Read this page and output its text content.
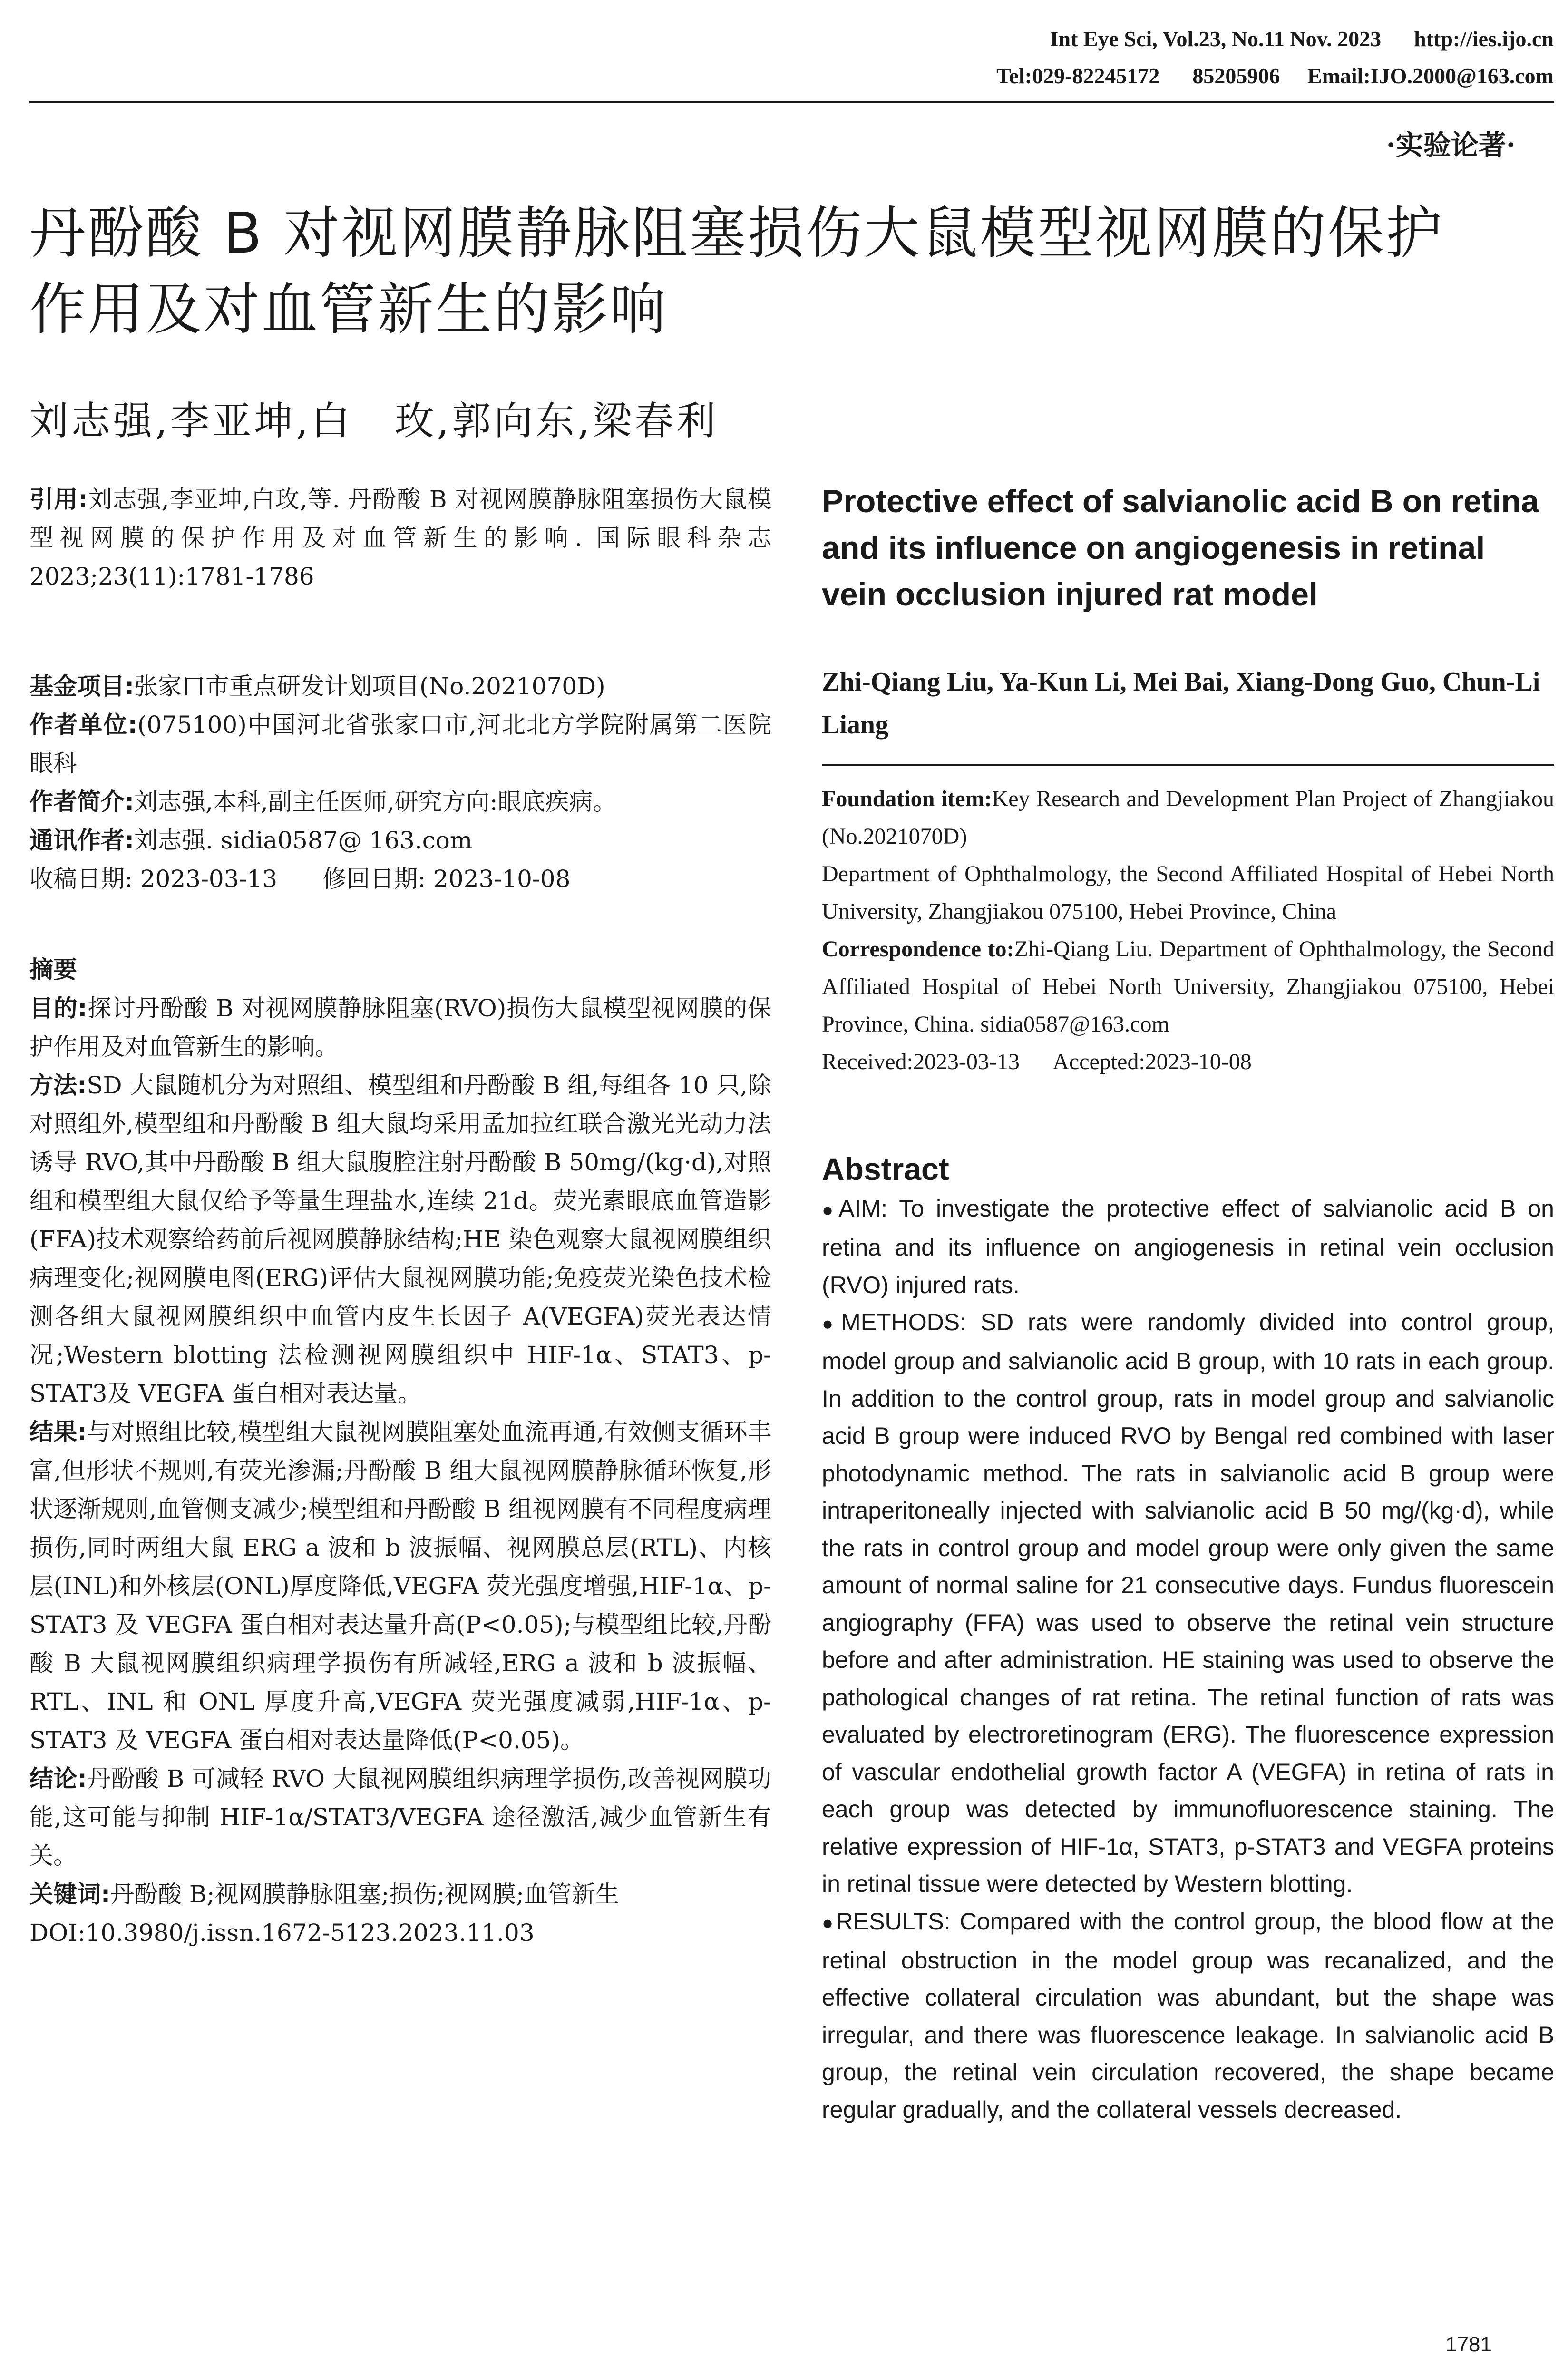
Int Eye Sci, Vol.23, No.11 Nov. 2023      http://ies.ijo.cn
Tel:029-82245172      85205906     Email:IJO.2000@163.com
·实验论著·
丹酚酸 B 对视网膜静脉阻塞损伤大鼠模型视网膜的保护
作用及对血管新生的影响
刘志强,李亚坤,白　玫,郭向东,梁春利

引用:刘志强,李亚坤,白玫,等. 丹酚酸 B 对视网膜静脉阻塞损伤大鼠模型视网膜的保护作用及对血管新生的影响. 国际眼科杂志 2023;23(11):1781-1786

基金项目:张家口市重点研发计划项目(No.2021070D)

作者单位:(075100)中国河北省张家口市,河北北方学院附属第二医院眼科

作者简介:刘志强,本科,副主任医师,研究方向:眼底疾病。

通讯作者:刘志强. sidia0587@ 163.com

收稿日期: 2023-03-13      修回日期: 2023-10-08

摘要

目的:探讨丹酚酸 B 对视网膜静脉阻塞(RVO)损伤大鼠模型视网膜的保护作用及对血管新生的影响。

方法:SD 大鼠随机分为对照组、模型组和丹酚酸 B 组,每组各 10 只,除对照组外,模型组和丹酚酸 B 组大鼠均采用孟加拉红联合激光光动力法诱导 RVO,其中丹酚酸 B 组大鼠腹腔注射丹酚酸 B 50mg/(kg·d),对照组和模型组大鼠仅给予等量生理盐水,连续 21d。荧光素眼底血管造影(FFA)技术观察给药前后视网膜静脉结构;HE 染色观察大鼠视网膜组织病理变化;视网膜电图(ERG)评估大鼠视网膜功能;免疫荧光染色技术检测各组大鼠视网膜组织中血管内皮生长因子 A(VEGFA)荧光表达情况;Western blotting 法检测视网膜组织中 HIF-1α、STAT3、p-STAT3及 VEGFA 蛋白相对表达量。

结果:与对照组比较,模型组大鼠视网膜阻塞处血流再通,有效侧支循环丰富,但形状不规则,有荧光渗漏;丹酚酸 B 组大鼠视网膜静脉循环恢复,形状逐渐规则,血管侧支减少;模型组和丹酚酸 B 组视网膜有不同程度病理损伤,同时两组大鼠 ERG a 波和 b 波振幅、视网膜总层(RTL)、内核层(INL)和外核层(ONL)厚度降低,VEGFA 荧光强度增强,HIF-1α、p-STAT3 及 VEGFA 蛋白相对表达量升高(P<0.05);与模型组比较,丹酚酸 B 大鼠视网膜组织病理学损伤有所减轻,ERG a 波和 b 波振幅、RTL、INL 和 ONL 厚度升高,VEGFA 荧光强度减弱,HIF-1α、p-STAT3 及 VEGFA 蛋白相对表达量降低(P<0.05)。

结论:丹酚酸 B 可减轻 RVO 大鼠视网膜组织病理学损伤,改善视网膜功能,这可能与抑制 HIF-1α/STAT3/VEGFA 途径激活,减少血管新生有关。

关键词:丹酚酸 B;视网膜静脉阻塞;损伤;视网膜;血管新生

DOI:10.3980/j.issn.1672-5123.2023.11.03

Protective effect of salvianolic acid B on retina and its influence on angiogenesis in retinal vein occlusion injured rat model
Zhi-Qiang Liu, Ya-Kun Li, Mei Bai, Xiang-Dong Guo, Chun-Li Liang

Foundation item:Key Research and Development Plan Project of Zhangjiakou (No.2021070D)

Department of Ophthalmology, the Second Affiliated Hospital of Hebei North University, Zhangjiakou 075100, Hebei Province, China

Correspondence to:Zhi-Qiang Liu. Department of Ophthalmology, the Second Affiliated Hospital of Hebei North University, Zhangjiakou 075100, Hebei Province, China. sidia0587@163.com

Received:2023-03-13      Accepted:2023-10-08

Abstract

●AIM: To investigate the protective effect of salvianolic acid B on retina and its influence on angiogenesis in retinal vein occlusion (RVO) injured rats.

●METHODS: SD rats were randomly divided into control group, model group and salvianolic acid B group, with 10 rats in each group. In addition to the control group, rats in model group and salvianolic acid B group were induced RVO by Bengal red combined with laser photodynamic method. The rats in salvianolic acid B group were intraperitoneally injected with salvianolic acid B 50 mg/(kg·d), while the rats in control group and model group were only given the same amount of normal saline for 21 consecutive days. Fundus fluorescein angiography (FFA) was used to observe the retinal vein structure before and after administration. HE staining was used to observe the pathological changes of rat retina. The retinal function of rats was evaluated by electroretinogram (ERG). The fluorescence expression of vascular endothelial growth factor A (VEGFA) in retina of rats in each group was detected by immunofluorescence staining. The relative expression of HIF-1α, STAT3, p-STAT3 and VEGFA proteins in retinal tissue were detected by Western blotting.

●RESULTS: Compared with the control group, the blood flow at the retinal obstruction in the model group was recanalized, and the effective collateral circulation was abundant, but the shape was irregular, and there was fluorescence leakage. In salvianolic acid B group, the retinal vein circulation recovered, the shape became regular gradually, and the collateral vessels decreased.

1781
